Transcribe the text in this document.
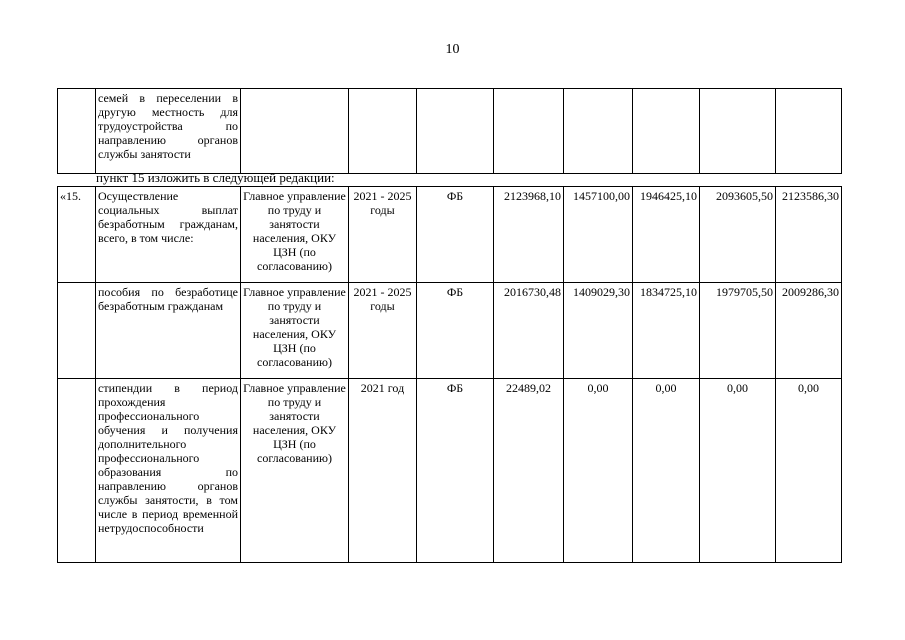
10
	семей в переселении в другую местность для трудоустройства по направлению органов службы занятости								
пункт 15 изложить в следующей редакции:
«15.	Осуществление социальных выплат безработным гражданам, всего, в том числе:	Главное управление по труду и занятости населения, ОКУ ЦЗН (по согласованию)	2021 - 2025 годы	ФБ	2123968,10	1457100,00	1946425,10	2093605,50	2123586,30
	пособия по безработице безработным гражданам	Главное управление по труду и занятости населения, ОКУ ЦЗН (по согласованию)	2021 - 2025 годы	ФБ	2016730,48	1409029,30	1834725,10	1979705,50	2009286,30
	стипендии в период прохождения профессионального обучения и получения дополнительного профессионального образования по направлению органов службы занятости, в том числе в период временной нетрудоспособности	Главное управление по труду и занятости населения, ОКУ ЦЗН (по согласованию)	2021 год	ФБ	22489,02	0,00	0,00	0,00	0,00
